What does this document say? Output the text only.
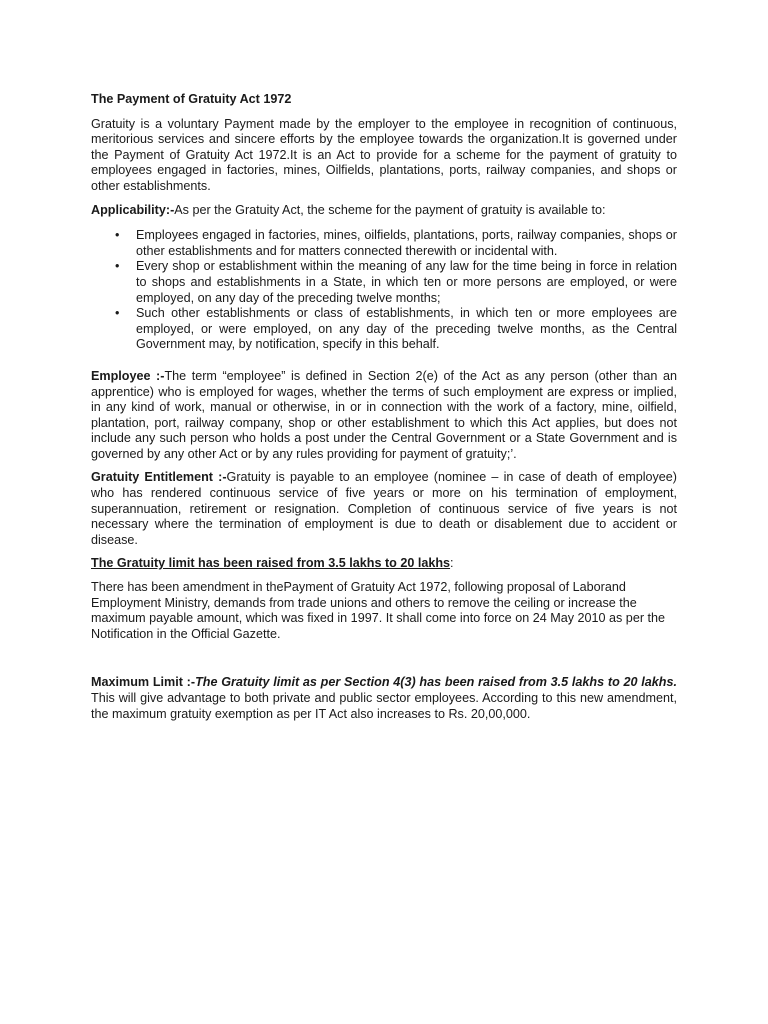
The Payment of Gratuity Act 1972

Gratuity is a voluntary Payment made by the employer to the employee in recognition of continuous, meritorious services and sincere efforts by the employee towards the organization.It is governed under the Payment of Gratuity Act 1972.It is an Act to provide for a scheme for the payment of gratuity to employees engaged in factories, mines, Oilfields, plantations, ports, railway companies, and shops or other establishments.

Applicability:-As per the Gratuity Act, the scheme for the payment of gratuity is available to:

• Employees engaged in factories, mines, oilfields, plantations, ports, railway companies, shops or other establishments and for matters connected therewith or incidental with.
• Every shop or establishment within the meaning of any law for the time being in force in relation to shops and establishments in a State, in which ten or more persons are employed, or were employed, on any day of the preceding twelve months;
• Such other establishments or class of establishments, in which ten or more employees are employed, or were employed, on any day of the preceding twelve months, as the Central Government may, by notification, specify in this behalf.

Employee :-The term “employee” is defined in Section 2(e) of the Act as any person (other than an apprentice) who is employed for wages, whether the terms of such employment are express or implied, in any kind of work, manual or otherwise, in or in connection with the work of a factory, mine, oilfield, plantation, port, railway company, shop or other establishment to which this Act applies, but does not include any such person who holds a post under the Central Government or a State Government and is governed by any other Act or by any rules providing for payment of gratuity;’.

Gratuity Entitlement :-Gratuity is payable to an employee (nominee – in case of death of employee) who has rendered continuous service of five years or more on his termination of employment, superannuation, retirement or resignation. Completion of continuous service of five years is not necessary where the termination of employment is due to death or disablement due to accident or disease.

The Gratuity limit has been raised from 3.5 lakhs to 20 lakhs:

There has been amendment in thePayment of Gratuity Act 1972, following proposal of Laborand Employment Ministry, demands from trade unions and others to remove the ceiling or increase the maximum payable amount, which was fixed in 1997. It shall come into force on 24 May 2010 as per the Notification in the Official Gazette.

Maximum Limit :-The Gratuity limit as per Section 4(3) has been raised from 3.5 lakhs to 20 lakhs. This will give advantage to both private and public sector employees. According to this new amendment, the maximum gratuity exemption as per IT Act also increases to Rs. 20,00,000.
